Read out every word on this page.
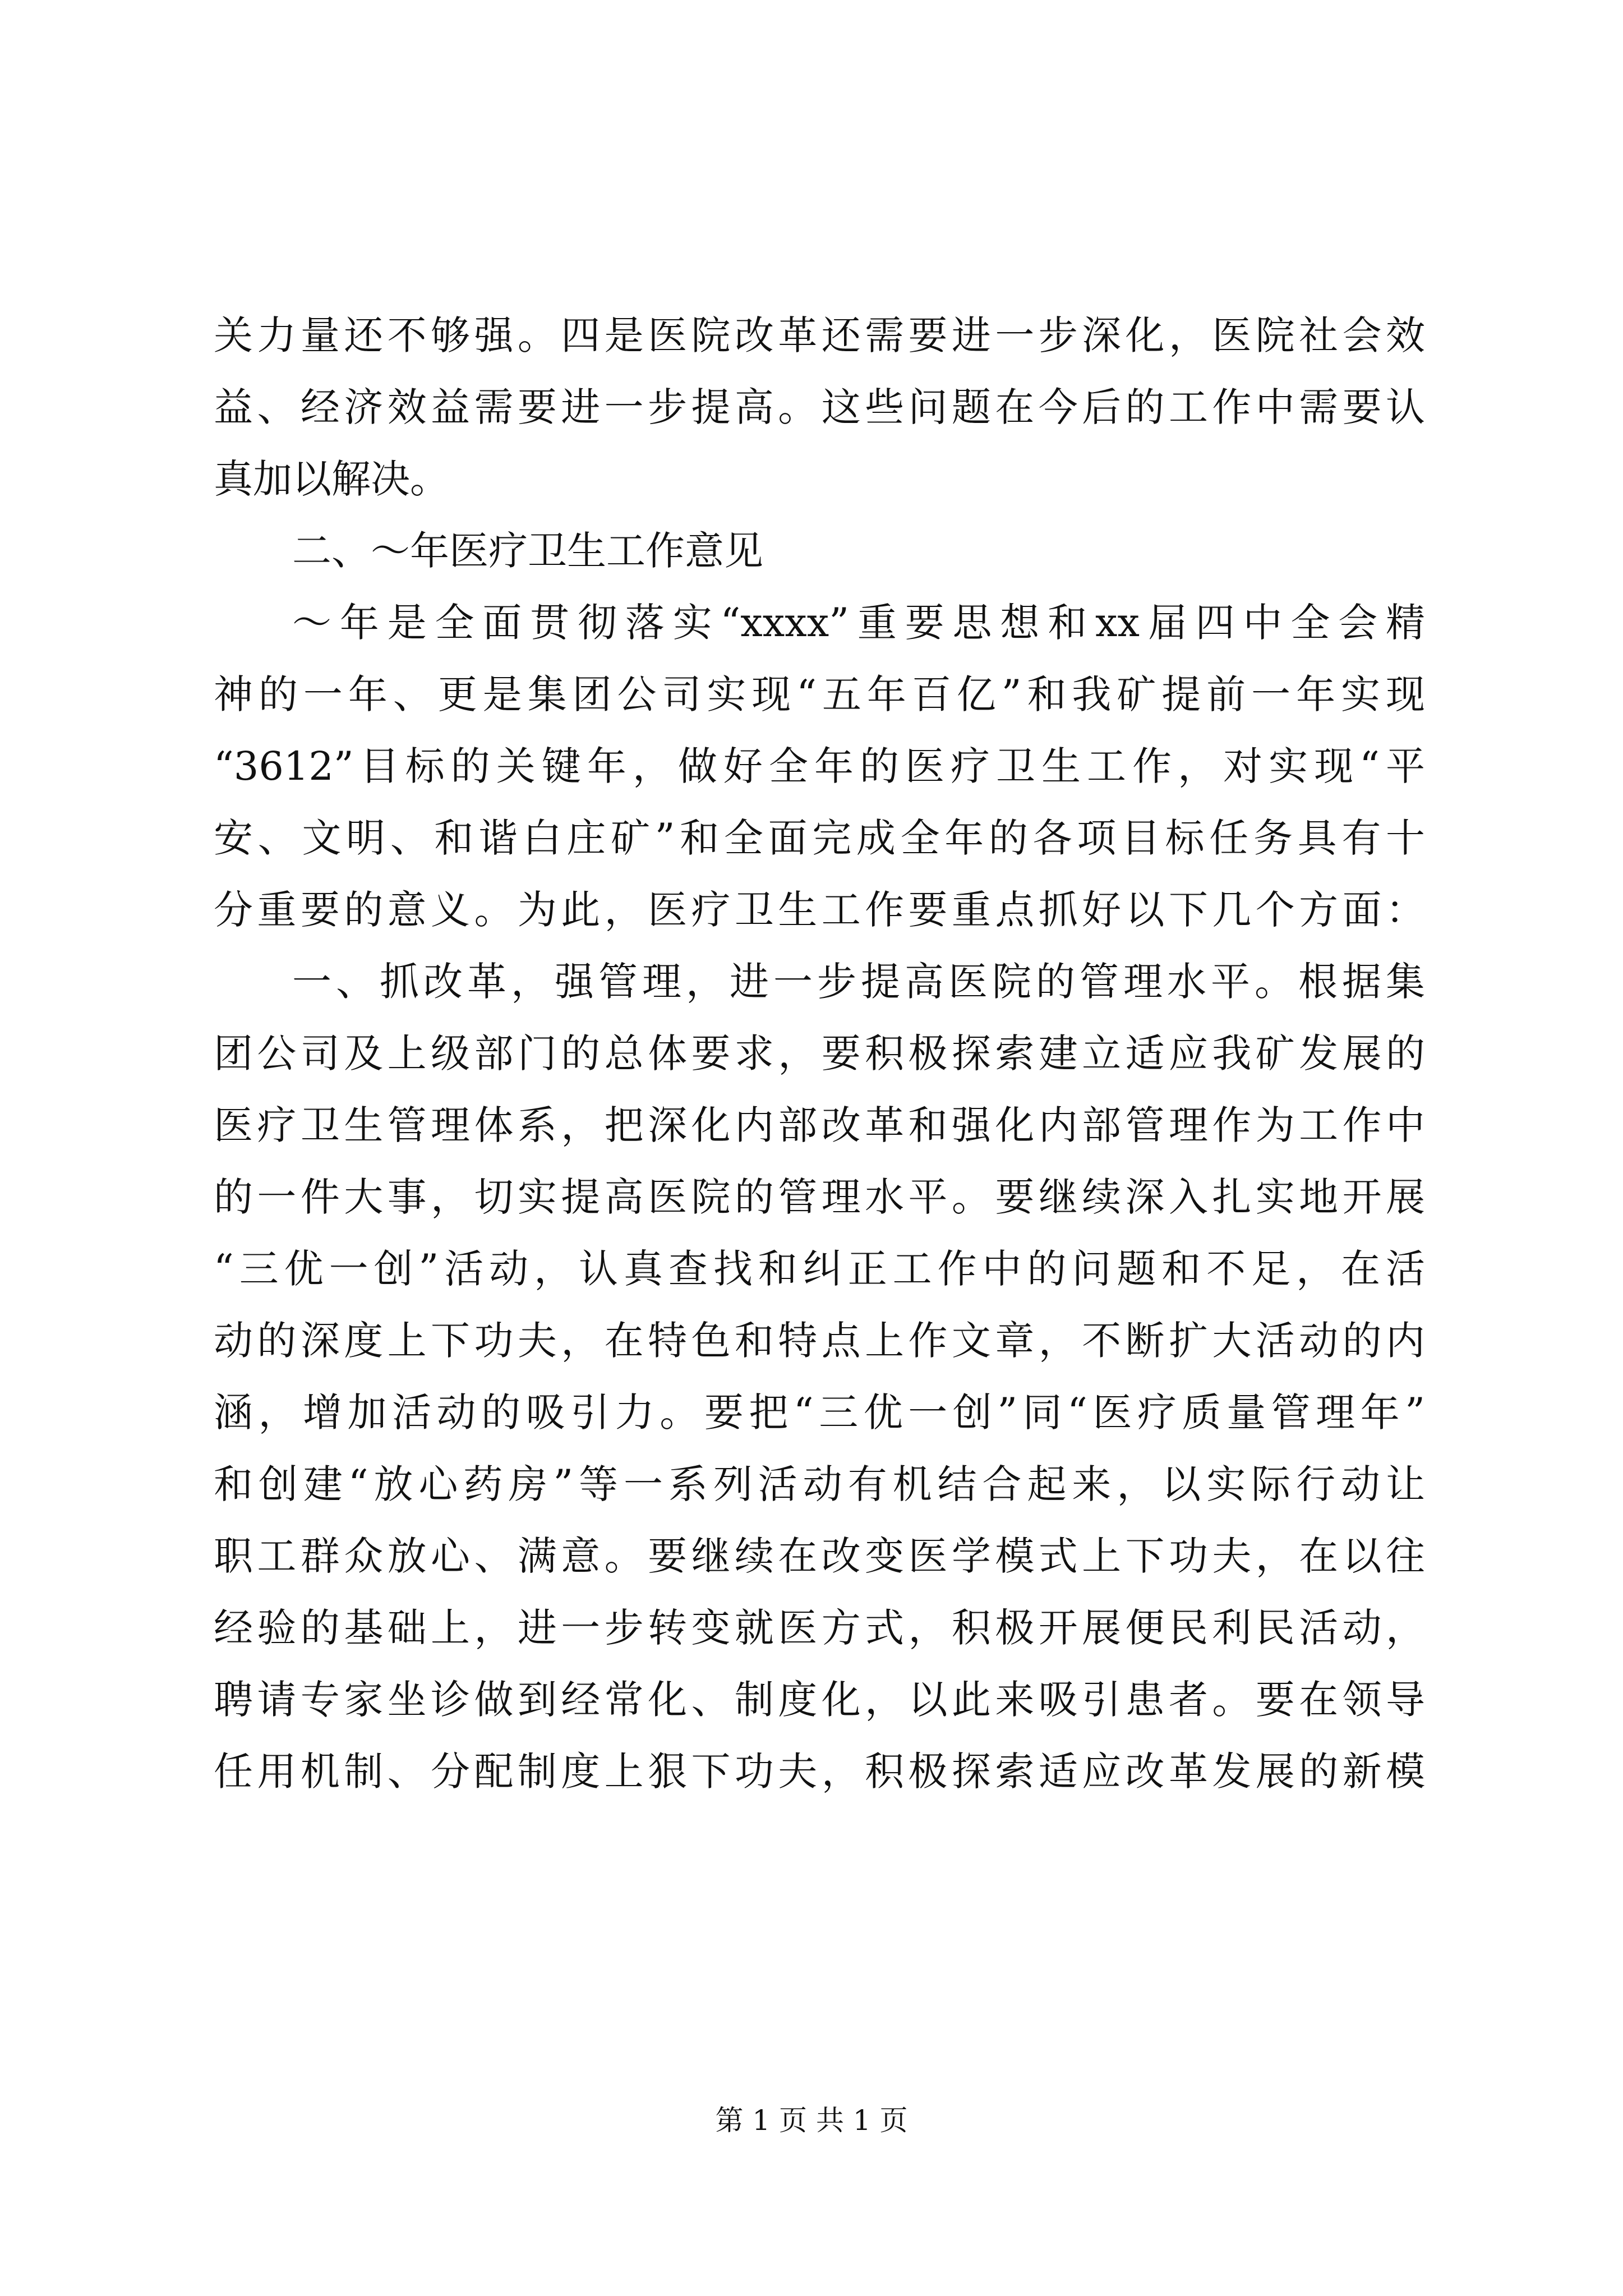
关力量还不够强。四是医院改革还需要进一步深化，医院社会效
益、经济效益需要进一步提高。这些问题在今后的工作中需要认
真加以解决。
二、～年医疗卫生工作意见
～年是全面贯彻落实“xxxx”重要思想和xx届四中全会精
神的一年、更是集团公司实现“五年百亿”和我矿提前一年实现
“3612”目标的关键年，做好全年的医疗卫生工作，对实现“平
安、文明、和谐白庄矿”和全面完成全年的各项目标任务具有十
分重要的意义。为此，医疗卫生工作要重点抓好以下几个方面：
一、抓改革，强管理，进一步提高医院的管理水平。根据集
团公司及上级部门的总体要求，要积极探索建立适应我矿发展的
医疗卫生管理体系，把深化内部改革和强化内部管理作为工作中
的一件大事，切实提高医院的管理水平。要继续深入扎实地开展
“三优一创”活动，认真查找和纠正工作中的问题和不足，在活
动的深度上下功夫，在特色和特点上作文章，不断扩大活动的内
涵，增加活动的吸引力。要把“三优一创”同“医疗质量管理年”
和创建“放心药房”等一系列活动有机结合起来，以实际行动让
职工群众放心、满意。要继续在改变医学模式上下功夫，在以往
经验的基础上，进一步转变就医方式，积极开展便民利民活动，
聘请专家坐诊做到经常化、制度化，以此来吸引患者。要在领导
任用机制、分配制度上狠下功夫，积极探索适应改革发展的新模
第 1 页 共 1 页
